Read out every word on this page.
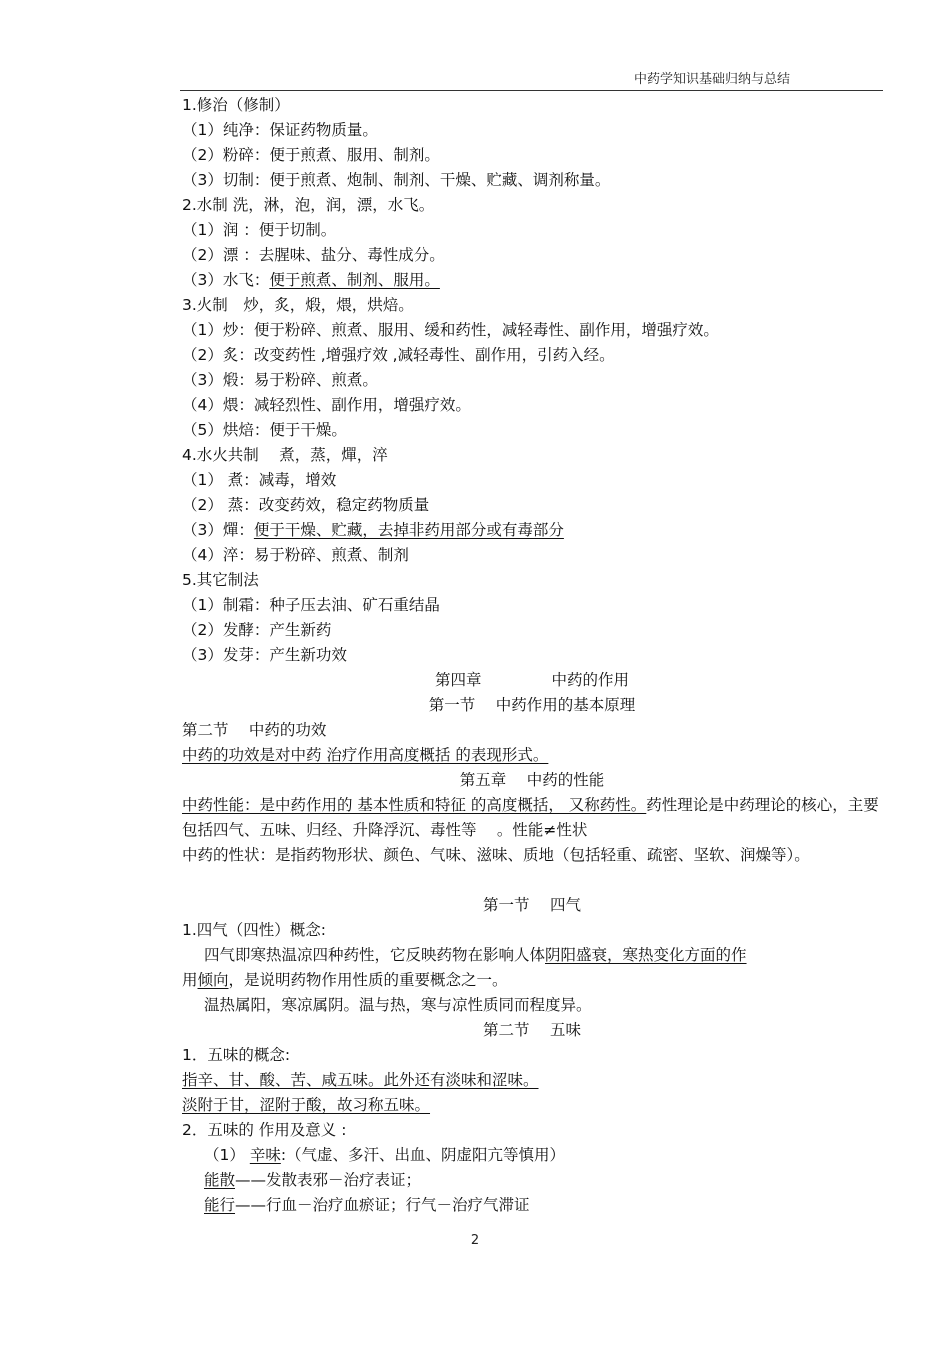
中药学知识基础归纳与总结
1.修治（修制）
（1）纯净：保证药物质量。
（2）粉碎：便于煎煮、服用、制剂。
（3）切制：便于煎煮、炮制、制剂、干燥、贮藏、调剂称量。
2.水制 洗，淋，泡，润，漂，水飞。
（1）润 ：便于切制。
（2）漂 ：去腥味、盐分、毒性成分。
（3）水飞：便于煎煮、制剂、服用。
3.火制　炒，炙，煅，煨，烘焙。
（1）炒：便于粉碎、煎煮、服用、缓和药性，减轻毒性、副作用，增强疗效。
（2）炙：改变药性 ,增强疗效 ,减轻毒性、副作用，引药入经。
（3）煅：易于粉碎、煎煮。
（4）煨：减轻烈性、副作用，增强疗效。
（5）烘焙：便于干燥。
4.水火共制　 煮，蒸，燀，淬
（1） 煮：减毒，增效
（2） 蒸：改变药效，稳定药物质量
（3）燀：便于干燥、贮藏，去掉非药用部分或有毒部分
（4）淬：易于粉碎、煎煮、制剂
5.其它制法
（1）制霜：种子压去油、矿石重结晶
（2）发酵：产生新药
（3）发芽：产生新功效
第四章	中药的作用
第一节　 中药作用的基本原理
第二节　 中药的功效
中药的功效是对中药 治疗作用高度概括 的表现形式。
第五章　 中药的性能
中药性能：是中药作用的 基本性质和特征 的高度概括， 又称药性。药性理论是中药理论的核心，主要包括四气、五味、归经、升降浮沉、毒性等　 。性能≠性状
中药的性状：是指药物形状、颜色、气味、滋味、质地（包括轻重、疏密、坚软、润燥等）。
第一节　 四气
1.四气（四性）概念:
四气即寒热温凉四种药性，它反映药物在影响人体阴阳盛衰，寒热变化方面的作
用倾向，是说明药物作用性质的重要概念之一。
温热属阳，寒凉属阴。温与热，寒与凉性质同而程度异。
第二节　 五味
1．五味的概念:
指辛、甘、酸、苦、咸五味。此外还有淡味和涩味。
淡附于甘，涩附于酸，故习称五味。
2．五味的 作用及意义 :
（1） 辛味:（气虚、多汗、出血、阴虚阳亢等慎用）
能散——发散表邪－治疗表证；
能行——行血－治疗血瘀证；行气－治疗气滞证
2
